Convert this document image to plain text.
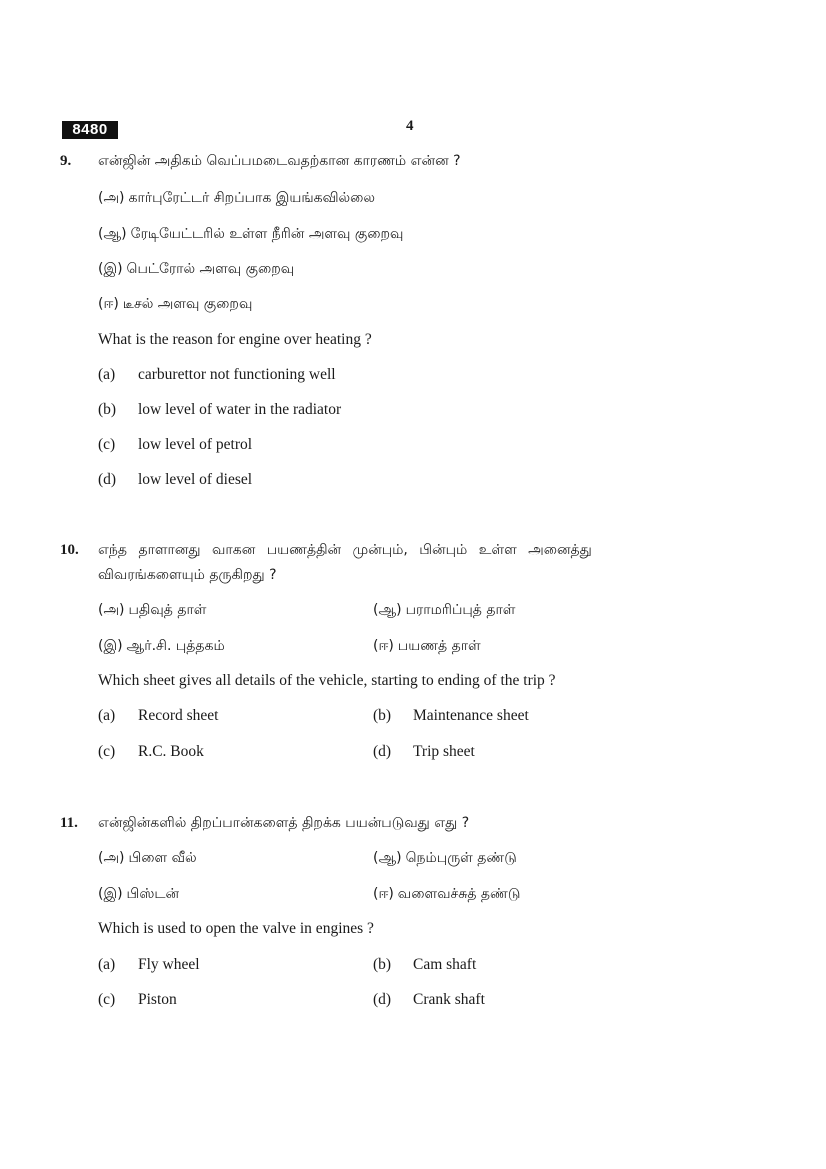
8480	4
9. என்ஜின் அதிகம் வெப்பமடைவதற்கான காரணம் என்ன ?
(அ) கார்புரேட்டர் சிறப்பாக இயங்கவில்லை
(ஆ) ரேடியேட்டரில் உள்ள நீரின் அளவு குறைவு
(இ) பெட்ரோல் அளவு குறைவு
(ஈ) டீசல் அளவு குறைவு
What is the reason for engine over heating ?
(a) carburettor not functioning well
(b) low level of water in the radiator
(c) low level of petrol
(d) low level of diesel
10. எந்த தாளானது வாகன பயணத்தின் முன்பும், பின்பும் உள்ள அனைத்து
விவரங்களையும் தருகிறது ?
(அ) பதிவுத் தாள்	(ஆ) பராமரிப்புத் தாள்
(இ) ஆர்.சி. புத்தகம்	(ஈ) பயணத் தாள்
Which sheet gives all details of the vehicle, starting to ending of the trip ?
(a) Record sheet	(b) Maintenance sheet
(c) R.C. Book	(d) Trip sheet
11. என்ஜின்களில் திறப்பான்களைத் திறக்க பயன்படுவது எது ?
(அ) பிளை வீல்	(ஆ) நெம்புருள் தண்டு
(இ) பிஸ்டன்	(ஈ) வளைவச்சுத் தண்டு
Which is used to open the valve in engines ?
(a) Fly wheel	(b) Cam shaft
(c) Piston	(d) Crank shaft
